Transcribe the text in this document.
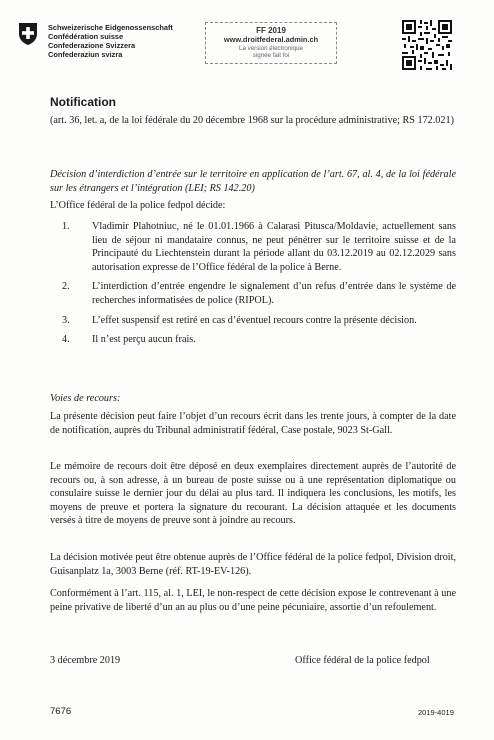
Schweizerische Eidgenossenschaft
Confédération suisse
Confederazione Svizzera
Confederaziun svizra
FF 2019
www.droitfederal.admin.ch
La version électronique
signée fait foi
Notification
(art. 36, let. a, de la loi fédérale du 20 décembre 1968 sur la procédure administrative; RS 172.021)
Décision d’interdiction d’entrée sur le territoire en application de l’art. 67, al. 4, de la loi fédérale sur les étrangers et l’intégration (LEI; RS 142.20)
L’Office fédéral de la police fedpol décide:
1. Vladimir Plahotniuc, né le 01.01.1966 à Calarasi Pitusca/Moldavie, actuellement sans lieu de séjour ni mandataire connus, ne peut pénétrer sur le territoire suisse et de la Principauté du Liechtenstein durant la période allant du 03.12.2019 au 02.12.2029 sans autorisation expresse de l’Office fédéral de la police à Berne.
2. L’interdiction d’entrée engendre le signalement d’un refus d’entrée dans le système de recherches informatisées de police (RIPOL).
3. L’effet suspensif est retiré en cas d’éventuel recours contre la présente décision.
4. Il n’est perçu aucun frais.
Voies de recours:
La présente décision peut faire l’objet d’un recours écrit dans les trente jours, à compter de la date de notification, auprès du Tribunal administratif fédéral, Case postale, 9023 St-Gall.
Le mémoire de recours doit être déposé en deux exemplaires directement auprès de l’autorité de recours ou, à son adresse, à un bureau de poste suisse ou à une représentation diplomatique ou consulaire suisse le dernier jour du délai au plus tard. Il indiquera les conclusions, les motifs, les moyens de preuve et portera la signature du recourant. La décision attaquée et les documents versés à titre de moyens de preuve sont à joindre au recours.
La décision motivée peut être obtenue auprès de l’Office fédéral de la police fedpol, Division droit, Guisanplatz 1a, 3003 Berne (réf. RT-19-EV-126).
Conformément à l’art. 115, al. 1, LEI, le non-respect de cette décision expose le contrevenant à une peine privative de liberté d’un an au plus ou d’une peine pécuniaire, assortie d’un refoulement.
3 décembre 2019	Office fédéral de la police fedpol
7676	2019-4019
